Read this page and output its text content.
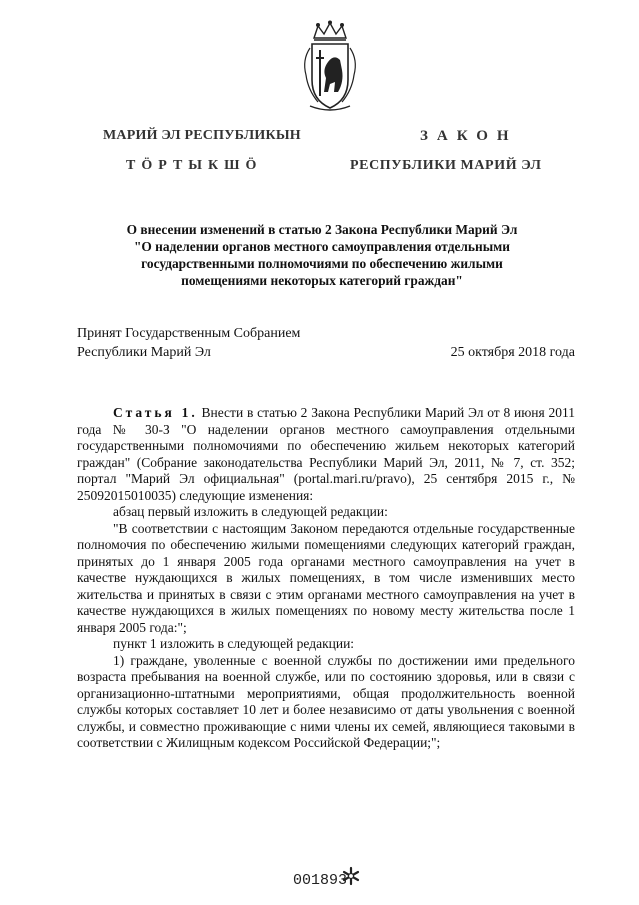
МАРИЙ ЭЛ РЕСПУБЛИКЫН
ТӦРТЫКШӦ
ЗАКОН
РЕСПУБЛИКИ МАРИЙ ЭЛ
О внесении изменений в статью 2 Закона Республики Марий Эл
"О наделении органов местного самоуправления отдельными
государственными полномочиями по обеспечению жилыми
помещениями некоторых категорий граждан"
Принят Государственным Собранием
Республики Марий Эл	25 октября 2018 года

Статья 1. Внести в статью 2 Закона Республики Марий Эл от 8 июня 2011 года № 30-З "О наделении органов местного самоуправления отдельными государственными полномочиями по обеспечению жильем некоторых категорий граждан" (Собрание законодательства Республики Марий Эл, 2011, № 7, ст. 352; портал "Марий Эл официальная" (portal.mari.ru/pravo), 25 сентября 2015 г., № 25092015010035) следующие изменения:

абзац первый изложить в следующей редакции:

"В соответствии с настоящим Законом передаются отдельные государственные полномочия по обеспечению жилыми помещениями следующих категорий граждан, принятых до 1 января 2005 года органами местного самоуправления на учет в качестве нуждающихся в жилых помещениях, в том числе изменивших место жительства и принятых в связи с этим органами местного самоуправления на учет в качестве нуждающихся в жилых помещениях по новому месту жительства после 1 января 2005 года:";

пункт 1 изложить в следующей редакции:

1) граждане, уволенные с военной службы по достижении ими предельного возраста пребывания на военной службе, или по состоянию здоровья, или в связи с организационно-штатными мероприятиями, общая продолжительность военной службы которых составляет 10 лет и более независимо от даты увольнения с военной службы, и совместно проживающие с ними члены их семей, являющиеся таковыми в соответствии с Жилищным кодексом Российской Федерации;";

001893
